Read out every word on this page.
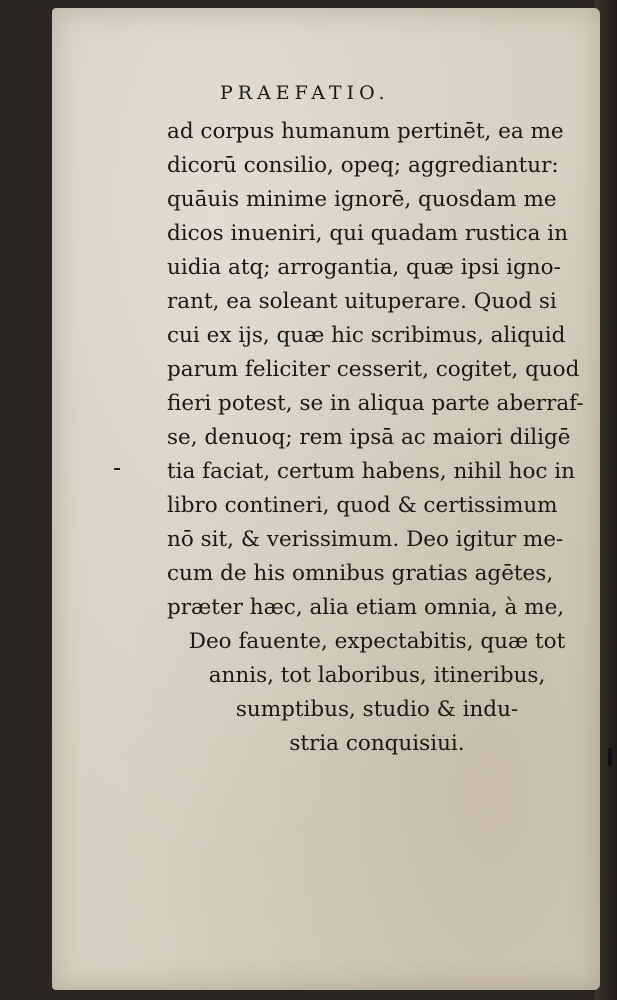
PRAEFATIO.
ad corpus humanum pertinēt, ea me
dicorū consilio, opeq; aggrediantur:
quāuis minime ignorē, quosdam me
dicos inueniri, qui quadam rustica in
uidia atq; arrogantia, quæ ipsi igno-
rant, ea soleant uituperare. Quod si
cui ex ijs, quæ hic scribimus, aliquid
parum feliciter cesserit, cogitet, quod
fieri potest, se in aliqua parte aberraf-
se, denuoq; rem ipsā ac maiori diligē
tia faciat, certum habens, nihil hoc in
libro contineri, quod & certissimum
nō sit, & verissimum. Deo igitur me-
cum de his omnibus gratias agētes,
præter hæc, alia etiam omnia, à me,
Deo fauente, expectabitis, quæ tot
annis, tot laboribus, itineribus,
sumptibus, studio & indu-
stria conquisiui.
